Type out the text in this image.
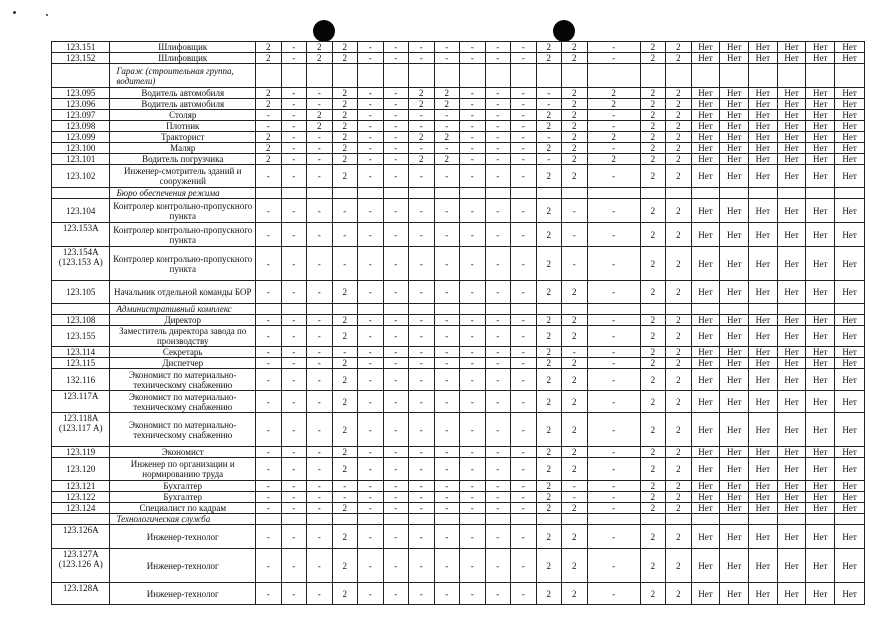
123.151	Шлифовщик	2	-	2	2	-	-	-	-	-	-	-	2	2	-	2	2	Нет	Нет	Нет	Нет	Нет	Нет
123.152	Шлифовщик	2	-	2	2	-	-	-	-	-	-	-	2	2	-	2	2	Нет	Нет	Нет	Нет	Нет	Нет
	Гараж (строительная группа, водители)																						
123.095	Водитель автомобиля	2	-	-	2	-	-	2	2	-	-	-	-	2	2	2	2	Нет	Нет	Нет	Нет	Нет	Нет
123.096	Водитель автомобиля	2	-	-	2	-	-	2	2	-	-	-	-	2	2	2	2	Нет	Нет	Нет	Нет	Нет	Нет
123.097	Столяр	-	-	2	2	-	-	-	-	-	-	-	2	2	-	2	2	Нет	Нет	Нет	Нет	Нет	Нет
123.098	Плотник	-	-	2	2	-	-	-	-	-	-	-	2	2	-	2	2	Нет	Нет	Нет	Нет	Нет	Нет
123.099	Тракторист	2	-	-	2	-	-	2	2	-	-	-	-	2	2	2	2	Нет	Нет	Нет	Нет	Нет	Нет
123.100	Маляр	2	-	-	2	-	-	-	-	-	-	-	2	2	-	2	2	Нет	Нет	Нет	Нет	Нет	Нет
123.101	Водитель погрузчика	2	-	-	2	-	-	2	2	-	-	-	-	2	2	2	2	Нет	Нет	Нет	Нет	Нет	Нет
123.102	Инженер-смотритель зданий и сооружений	-	-	-	2	-	-	-	-	-	-	-	2	2	-	2	2	Нет	Нет	Нет	Нет	Нет	Нет
	Бюро обеспечения режима																						
123.104	Контролер контрольно-пропускного пункта	-	-	-	-	-	-	-	-	-	-	-	2	-	-	2	2	Нет	Нет	Нет	Нет	Нет	Нет
123.153А	Контролер контрольно-пропускного пункта	-	-	-	-	-	-	-	-	-	-	-	2	-	-	2	2	Нет	Нет	Нет	Нет	Нет	Нет
123.154А (123.153 А)	Контролер контрольно-пропускного пункта	-	-	-	-	-	-	-	-	-	-	-	2	-	-	2	2	Нет	Нет	Нет	Нет	Нет	Нет
123.105	Начальник отдельной команды БОР	-	-	-	2	-	-	-	-	-	-	-	2	2	-	2	2	Нет	Нет	Нет	Нет	Нет	Нет
	Административный комплекс																						
123.108	Директор	-	-	-	2	-	-	-	-	-	-	-	2	2	-	2	2	Нет	Нет	Нет	Нет	Нет	Нет
123.155	Заместитель директора завода по производству	-	-	-	2	-	-	-	-	-	-	-	2	2	-	2	2	Нет	Нет	Нет	Нет	Нет	Нет
123.114	Секретарь	-	-	-	-	-	-	-	-	-	-	-	2	-	-	2	2	Нет	Нет	Нет	Нет	Нет	Нет
123.115	Диспетчер	-	-	-	2	-	-	-	-	-	-	-	2	2	-	2	2	Нет	Нет	Нет	Нет	Нет	Нет
132.116	Экономист по материально-техническому снабжению	-	-	-	2	-	-	-	-	-	-	-	2	2	-	2	2	Нет	Нет	Нет	Нет	Нет	Нет
123.117А	Экономист по материально-техническому снабжению	-	-	-	2	-	-	-	-	-	-	-	2	2	-	2	2	Нет	Нет	Нет	Нет	Нет	Нет
123.118А (123.117 А)	Экономист по материально-техническому снабжению	-	-	-	2	-	-	-	-	-	-	-	2	2	-	2	2	Нет	Нет	Нет	Нет	Нет	Нет
123.119	Экономист	-	-	-	2	-	-	-	-	-	-	-	2	2	-	2	2	Нет	Нет	Нет	Нет	Нет	Нет
123.120	Инженер по организации и нормированию труда	-	-	-	2	-	-	-	-	-	-	-	2	2	-	2	2	Нет	Нет	Нет	Нет	Нет	Нет
123.121	Бухгалтер	-	-	-	-	-	-	-	-	-	-	-	2	-	-	2	2	Нет	Нет	Нет	Нет	Нет	Нет
123.122	Бухгалтер	-	-	-	-	-	-	-	-	-	-	-	2	-	-	2	2	Нет	Нет	Нет	Нет	Нет	Нет
123.124	Специалист по кадрам	-	-	-	2	-	-	-	-	-	-	-	2	2	-	2	2	Нет	Нет	Нет	Нет	Нет	Нет
	Технологическая служба																						
123.126А	Инженер-технолог	-	-	-	2	-	-	-	-	-	-	-	2	2	-	2	2	Нет	Нет	Нет	Нет	Нет	Нет
123.127А (123.126 А)	Инженер-технолог	-	-	-	2	-	-	-	-	-	-	-	2	2	-	2	2	Нет	Нет	Нет	Нет	Нет	Нет
123.128А	Инженер-технолог	-	-	-	2	-	-	-	-	-	-	-	2	2	-	2	2	Нет	Нет	Нет	Нет	Нет	Нет
